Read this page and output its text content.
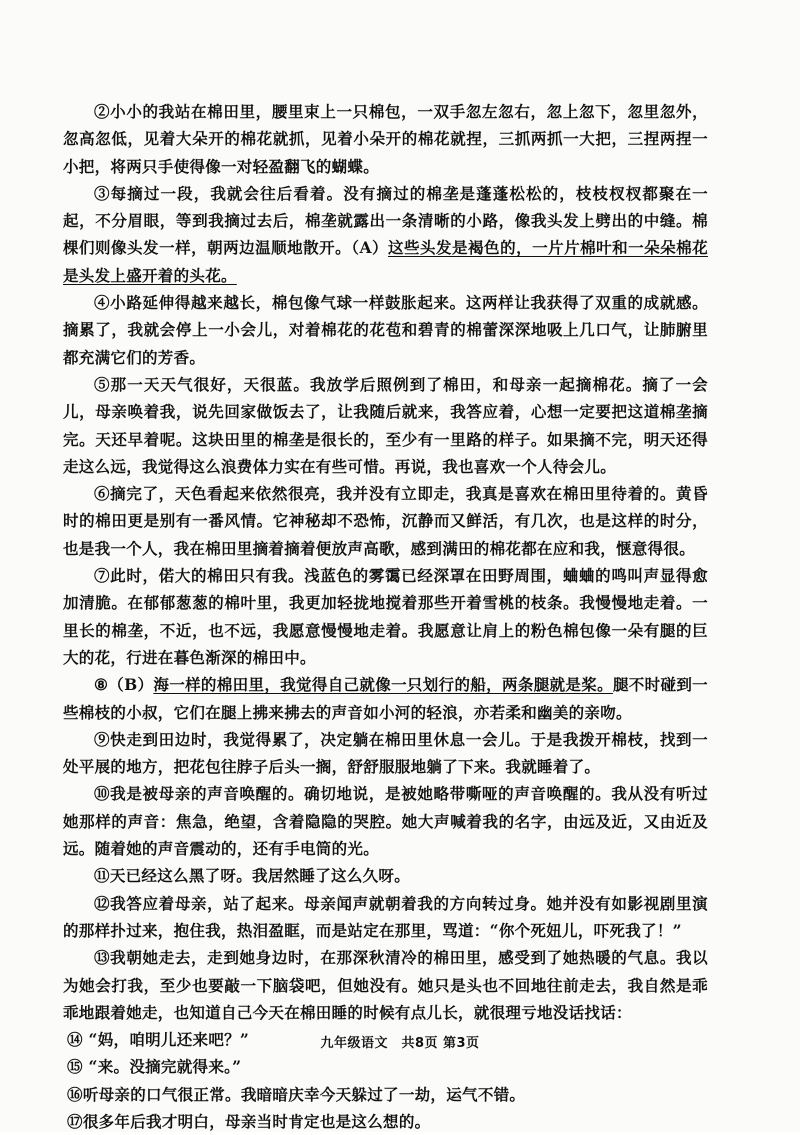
②小小的我站在棉田里，腰里束上一只棉包，一双手忽左忽右，忽上忽下，忽里忽外，忽高忽低，见着大朵开的棉花就抓，见着小朵开的棉花就捏，三抓两抓一大把，三捏两捏一小把，将两只手使得像一对轻盈翻飞的蝴蝶。

③每摘过一段，我就会往后看着。没有摘过的棉垄是蓬蓬松松的，枝枝杈杈都聚在一起，不分眉眼，等到我摘过去后，棉垄就露出一条清晰的小路，像我头发上劈出的中缝。棉棵们则像头发一样，朝两边温顺地散开。（A）这些头发是褐色的，一片片棉叶和一朵朵棉花是头发上盛开着的头花。

④小路延伸得越来越长，棉包像气球一样鼓胀起来。这两样让我获得了双重的成就感。摘累了，我就会停上一小会儿，对着棉花的花苞和碧青的棉蕾深深地吸上几口气，让肺腑里都充满它们的芳香。

⑤那一天天气很好，天很蓝。我放学后照例到了棉田，和母亲一起摘棉花。摘了一会儿，母亲唤着我，说先回家做饭去了，让我随后就来，我答应着，心想一定要把这道棉垄摘完。天还早着呢。这块田里的棉垄是很长的，至少有一里路的样子。如果摘不完，明天还得走这么远，我觉得这么浪费体力实在有些可惜。再说，我也喜欢一个人待会儿。

⑥摘完了，天色看起来依然很亮，我并没有立即走，我真是喜欢在棉田里待着的。黄昏时的棉田更是别有一番风情。它神秘却不恐怖，沉静而又鲜活，有几次，也是这样的时分，也是我一个人，我在棉田里摘着摘着便放声高歌，感到满田的棉花都在应和我，惬意得很。

⑦此时，偌大的棉田只有我。浅蓝色的雾霭已经深罩在田野周围，蛐蛐的鸣叫声显得愈加清脆。在郁郁葱葱的棉叶里，我更加轻拢地搅着那些开着雪桃的枝条。我慢慢地走着。一里长的棉垄，不近，也不远，我愿意慢慢地走着。我愿意让肩上的粉色棉包像一朵有腿的巨大的花，行进在暮色渐深的棉田中。

⑧（B）海一样的棉田里，我觉得自己就像一只划行的船，两条腿就是桨。腿不时碰到一些棉枝的小叔，它们在腿上拂来拂去的声音如小河的轻浪，亦若柔和幽美的亲吻。

⑨快走到田边时，我觉得累了，决定躺在棉田里休息一会儿。于是我拨开棉枝，找到一处平展的地方，把花包往脖子后头一搁，舒舒服服地躺了下来。我就睡着了。

⑩我是被母亲的声音唤醒的。确切地说，是被她略带嘶哑的声音唤醒的。我从没有听过她那样的声音：焦急，绝望，含着隐隐的哭腔。她大声喊着我的名字，由远及近，又由近及远。随着她的声音震动的，还有手电筒的光。

⑪天已经这么黑了呀。我居然睡了这么久呀。

⑫我答应着母亲，站了起来。母亲闻声就朝着我的方向转过身。她并没有如影视剧里演的那样扑过来，抱住我，热泪盈眶，而是站定在那里，骂道：“你个死妞儿，吓死我了！”

⑬我朝她走去，走到她身边时，在那深秋清冷的棉田里，感受到了她热暖的气息。我以为她会打我，至少也要敲一下脑袋吧，但她没有。她只是头也不回地往前走去，我自然是乖乖地跟着她走，也知道自己今天在棉田睡的时候有点儿长，就很理亏地没话找话：

⑭ “妈，咱明儿还来吧？”

⑮ “来。没摘完就得来。”

⑯听母亲的口气很正常。我暗暗庆幸今天躲过了一劫，运气不错。

⑰很多年后我才明白，母亲当时肯定也是这么想的。

九年级语文　共8页 第3页
